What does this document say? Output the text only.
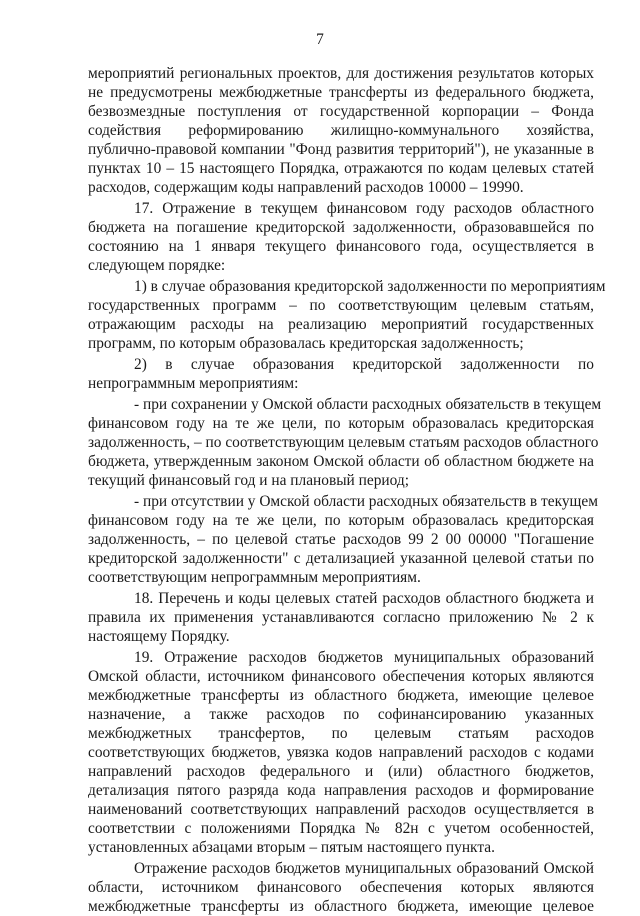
7
мероприятий региональных проектов, для достижения результатов которых
не предусмотрены межбюджетные трансферты из федерального бюджета,
безвозмездные поступления от государственной корпорации – Фонда
содействия реформированию жилищно-коммунального хозяйства,
публично-правовой компании "Фонд развития территорий"), не указанные в
пунктах 10 – 15 настоящего Порядка, отражаются по кодам целевых статей
расходов, содержащим коды направлений расходов 10000 – 19990.
17. Отражение в текущем финансовом году расходов областного
бюджета на погашение кредиторской задолженности, образовавшейся по
состоянию на 1 января текущего финансового года, осуществляется в
следующем порядке:
1) в случае образования кредиторской задолженности по мероприятиям
государственных программ – по соответствующим целевым статьям,
отражающим расходы на реализацию мероприятий государственных
программ, по которым образовалась кредиторская задолженность;
2) в случае образования кредиторской задолженности по
непрограммным мероприятиям:
- при сохранении у Омской области расходных обязательств в текущем
финансовом году на те же цели, по которым образовалась кредиторская
задолженность, – по соответствующим целевым статьям расходов областного
бюджета, утвержденным законом Омской области об областном бюджете на
текущий финансовый год и на плановый период;
- при отсутствии у Омской области расходных обязательств в текущем
финансовом году на те же цели, по которым образовалась кредиторская
задолженность, – по целевой статье расходов 99 2 00 00000 "Погашение
кредиторской задолженности" с детализацией указанной целевой статьи по
соответствующим непрограммным мероприятиям.
18. Перечень и коды целевых статей расходов областного бюджета и
правила их применения устанавливаются согласно приложению № 2 к
настоящему Порядку.
19. Отражение расходов бюджетов муниципальных образований
Омской области, источником финансового обеспечения которых являются
межбюджетные трансферты из областного бюджета, имеющие целевое
назначение, а также расходов по софинансированию указанных
межбюджетных трансфертов, по целевым статьям расходов
соответствующих бюджетов, увязка кодов направлений расходов с кодами
направлений расходов федерального и (или) областного бюджетов,
детализация пятого разряда кода направления расходов и формирование
наименований соответствующих направлений расходов осуществляется в
соответствии с положениями Порядка № 82н с учетом особенностей,
установленных абзацами вторым – пятым настоящего пункта.
Отражение расходов бюджетов муниципальных образований Омской
области, источником финансового обеспечения которых являются
межбюджетные трансферты из областного бюджета, имеющие целевое
